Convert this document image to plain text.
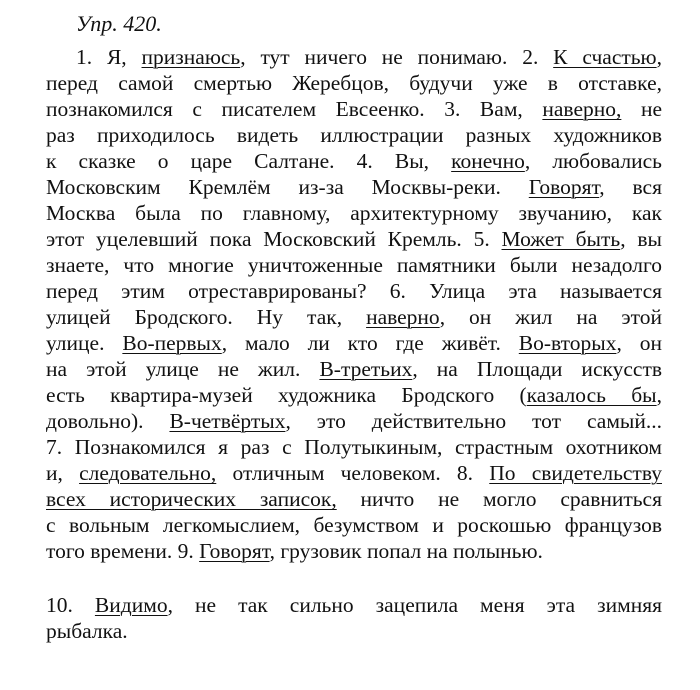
Упр. 420.
1. Я, признаюсь, тут ничего не понимаю. 2. К счастью,
перед самой смертью Жеребцов, будучи уже в отставке,
познакомился с писателем Евсеенко. 3. Вам, наверно, не
раз приходилось видеть иллюстрации разных художников
к сказке о царе Салтане. 4. Вы, конечно, любовались
Московским Кремлём из-за Москвы-реки. Говорят, вся
Москва была по главному, архитектурному звучанию, как
этот уцелевший пока Московский Кремль. 5. Может быть, вы
знаете, что многие уничтоженные памятники были незадолго
перед этим отреставрированы? 6. Улица эта называется
улицей Бродского. Ну так, наверно, он жил на этой
улице. Во-первых, мало ли кто где живёт. Во-вторых, он
на этой улице не жил. В-третьих, на Площади искусств
есть квартира-музей художника Бродского (казалось бы,
довольно). В-четвёртых, это действительно тот самый...
7. Познакомился я раз с Полутыкиным, страстным охотником
и, следовательно, отличным человеком. 8. По свидетельству
всех исторических записок, ничто не могло сравниться
с вольным легкомыслием, безумством и роскошью французов
того времени. 9. Говорят, грузовик попал на полынью.
10. Видимо, не так сильно зацепила меня эта зимняя
рыбалка.
